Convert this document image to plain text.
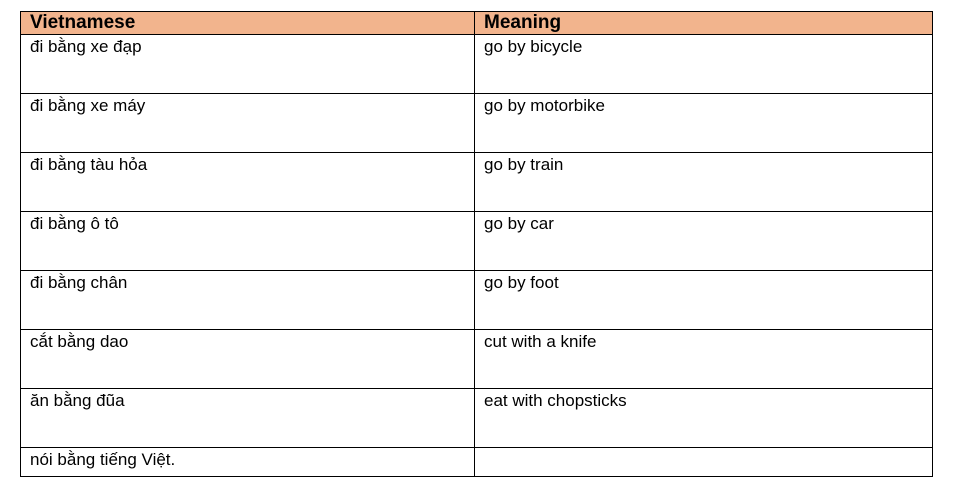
Vietnamese	Meaning
đi bằng xe đạp	go by bicycle
đi bằng xe máy	go by motorbike
đi bằng tàu hỏa	go by train
đi bằng ô tô	go by car
đi bằng chân	go by foot
cắt bằng dao	cut with a knife
ăn bằng đũa	eat with chopsticks
nói bằng tiếng Việt.	
